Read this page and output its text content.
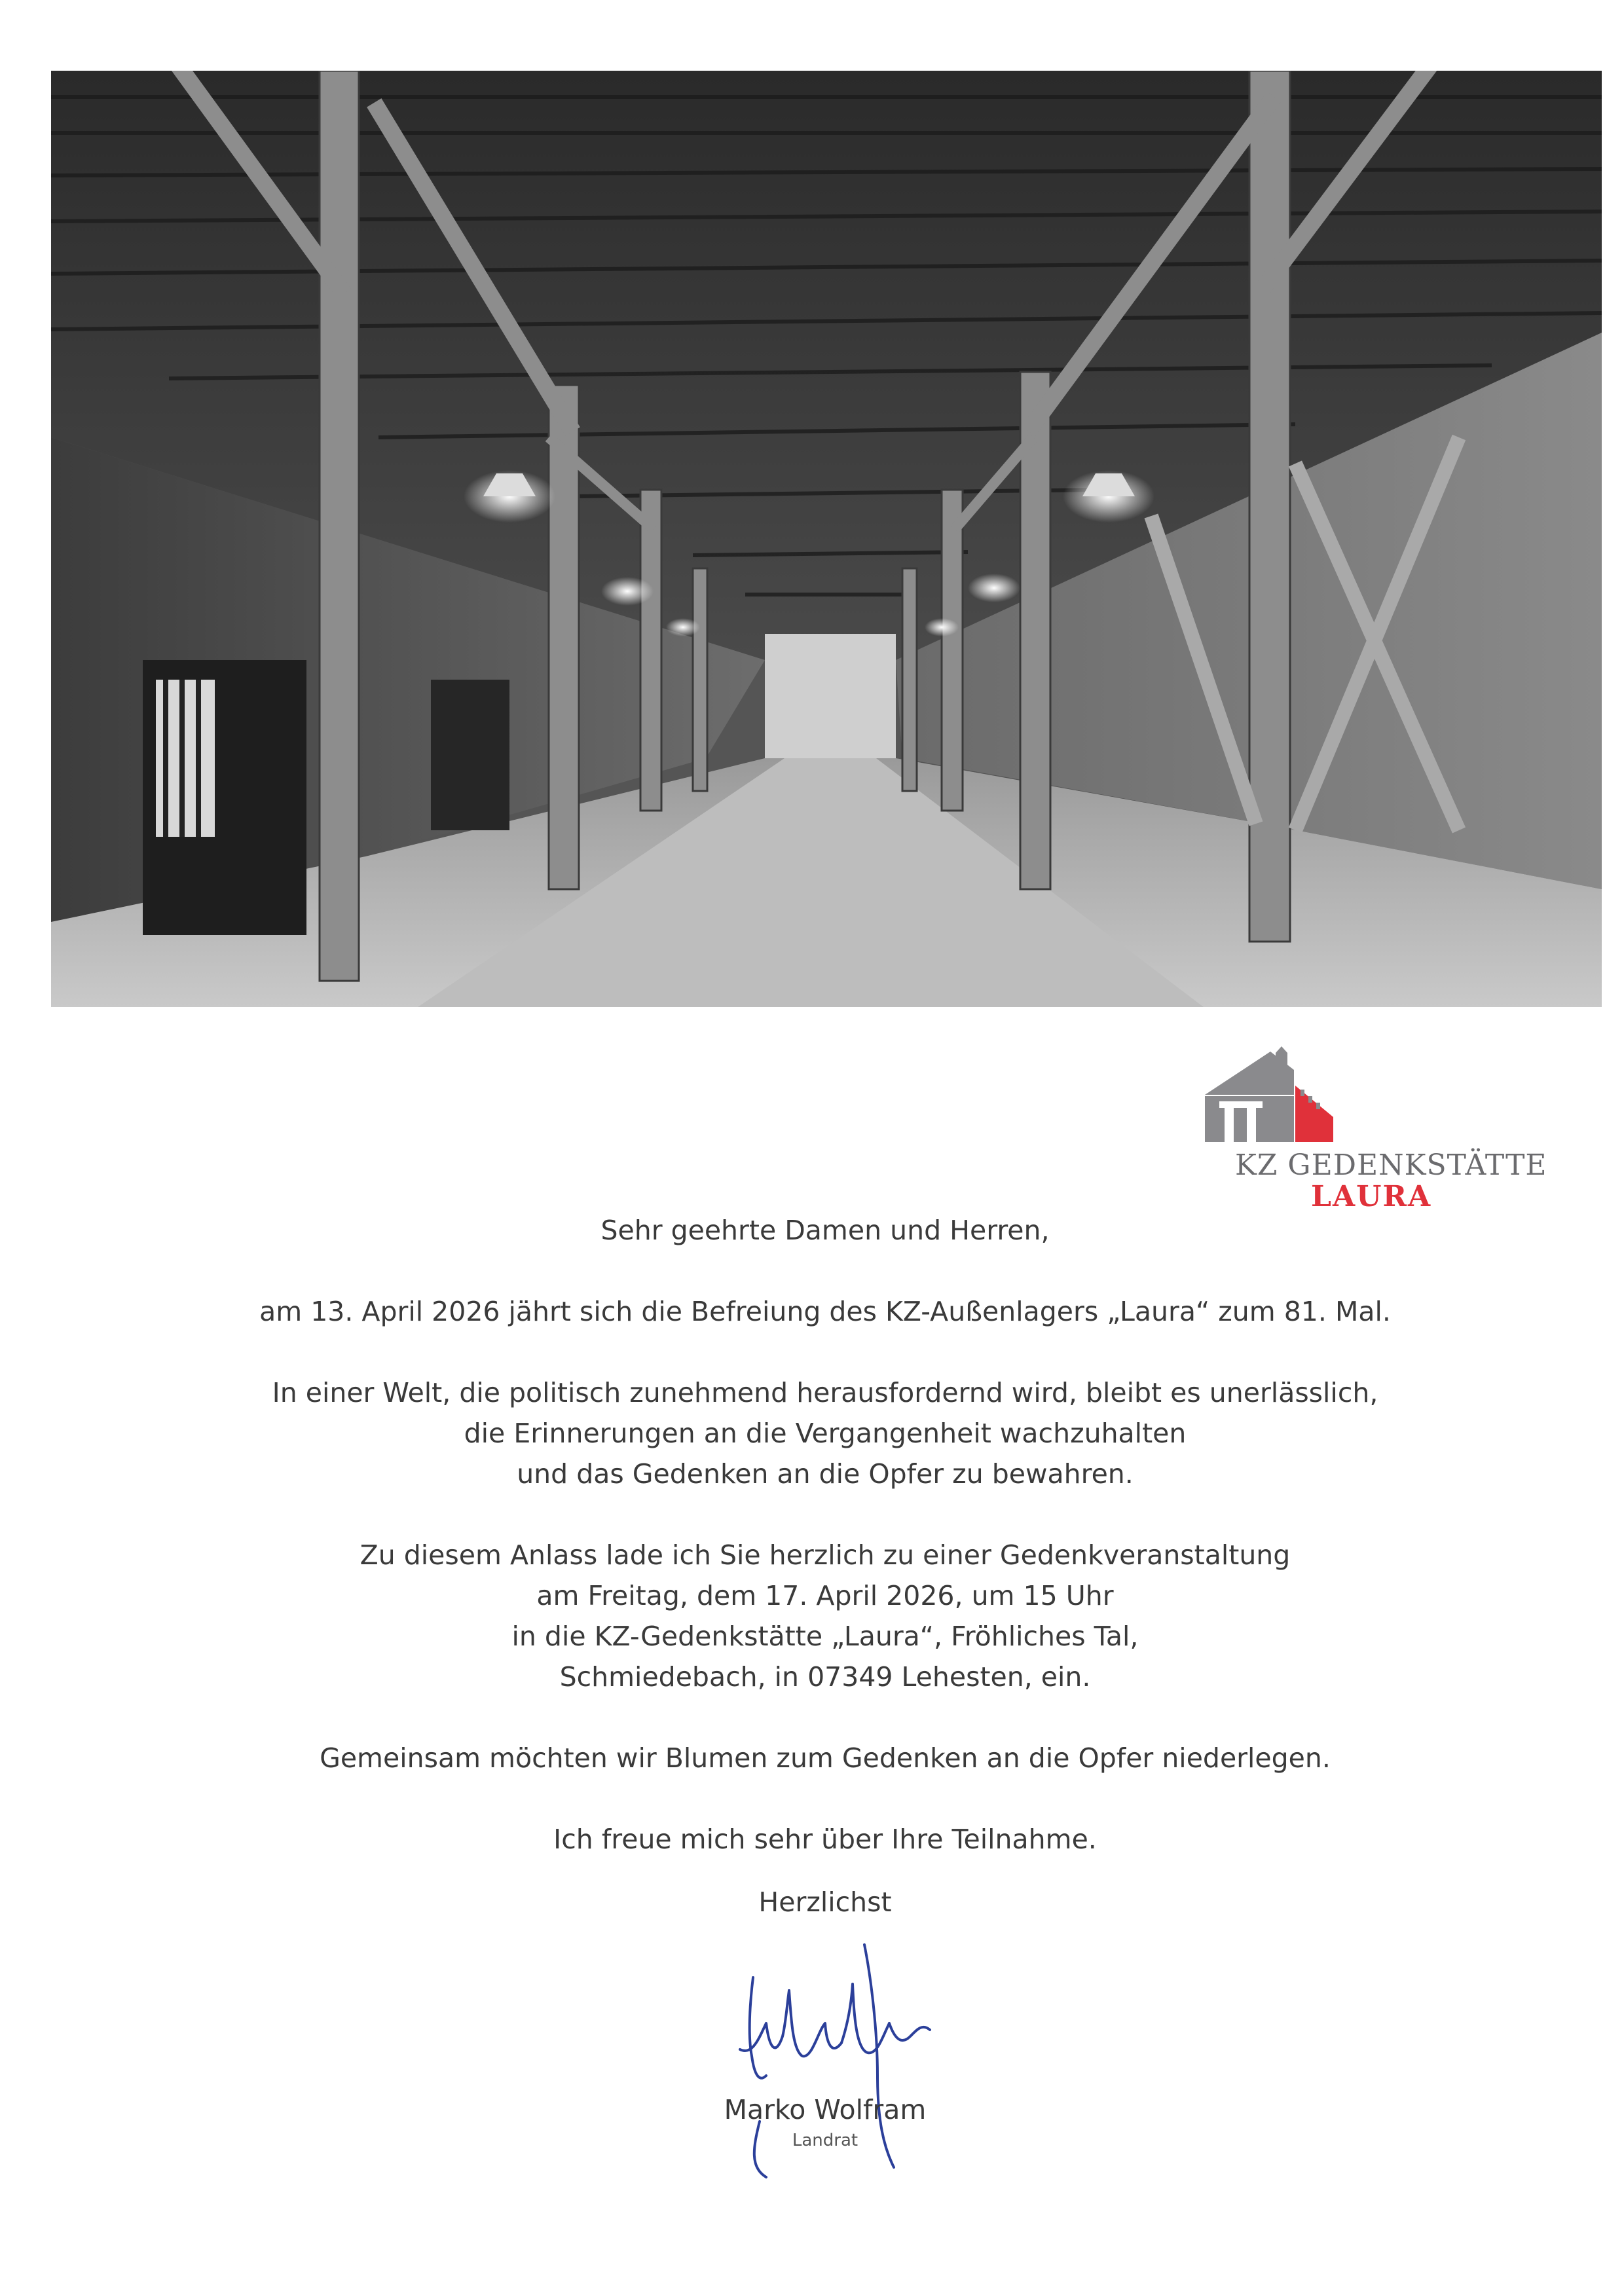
KZ GEDENKSTÄTTE
LAURA

Sehr geehrte Damen und Herren,

am 13. April 2026 jährt sich die Befreiung des KZ-Außenlagers „Laura“ zum 81. Mal.

In einer Welt, die politisch zunehmend herausfordernd wird, bleibt es unerlässlich,

die Erinnerungen an die Vergangenheit wachzuhalten

und das Gedenken an die Opfer zu bewahren.

Zu diesem Anlass lade ich Sie herzlich zu einer Gedenkveranstaltung

am Freitag, dem 17. April 2026, um 15 Uhr

in die KZ-Gedenkstätte „Laura“, Fröhliches Tal,

Schmiedebach, in 07349 Lehesten, ein.

Gemeinsam möchten wir Blumen zum Gedenken an die Opfer niederlegen.

Ich freue mich sehr über Ihre Teilnahme.

Herzlichst

Marko Wolfram
Landrat
